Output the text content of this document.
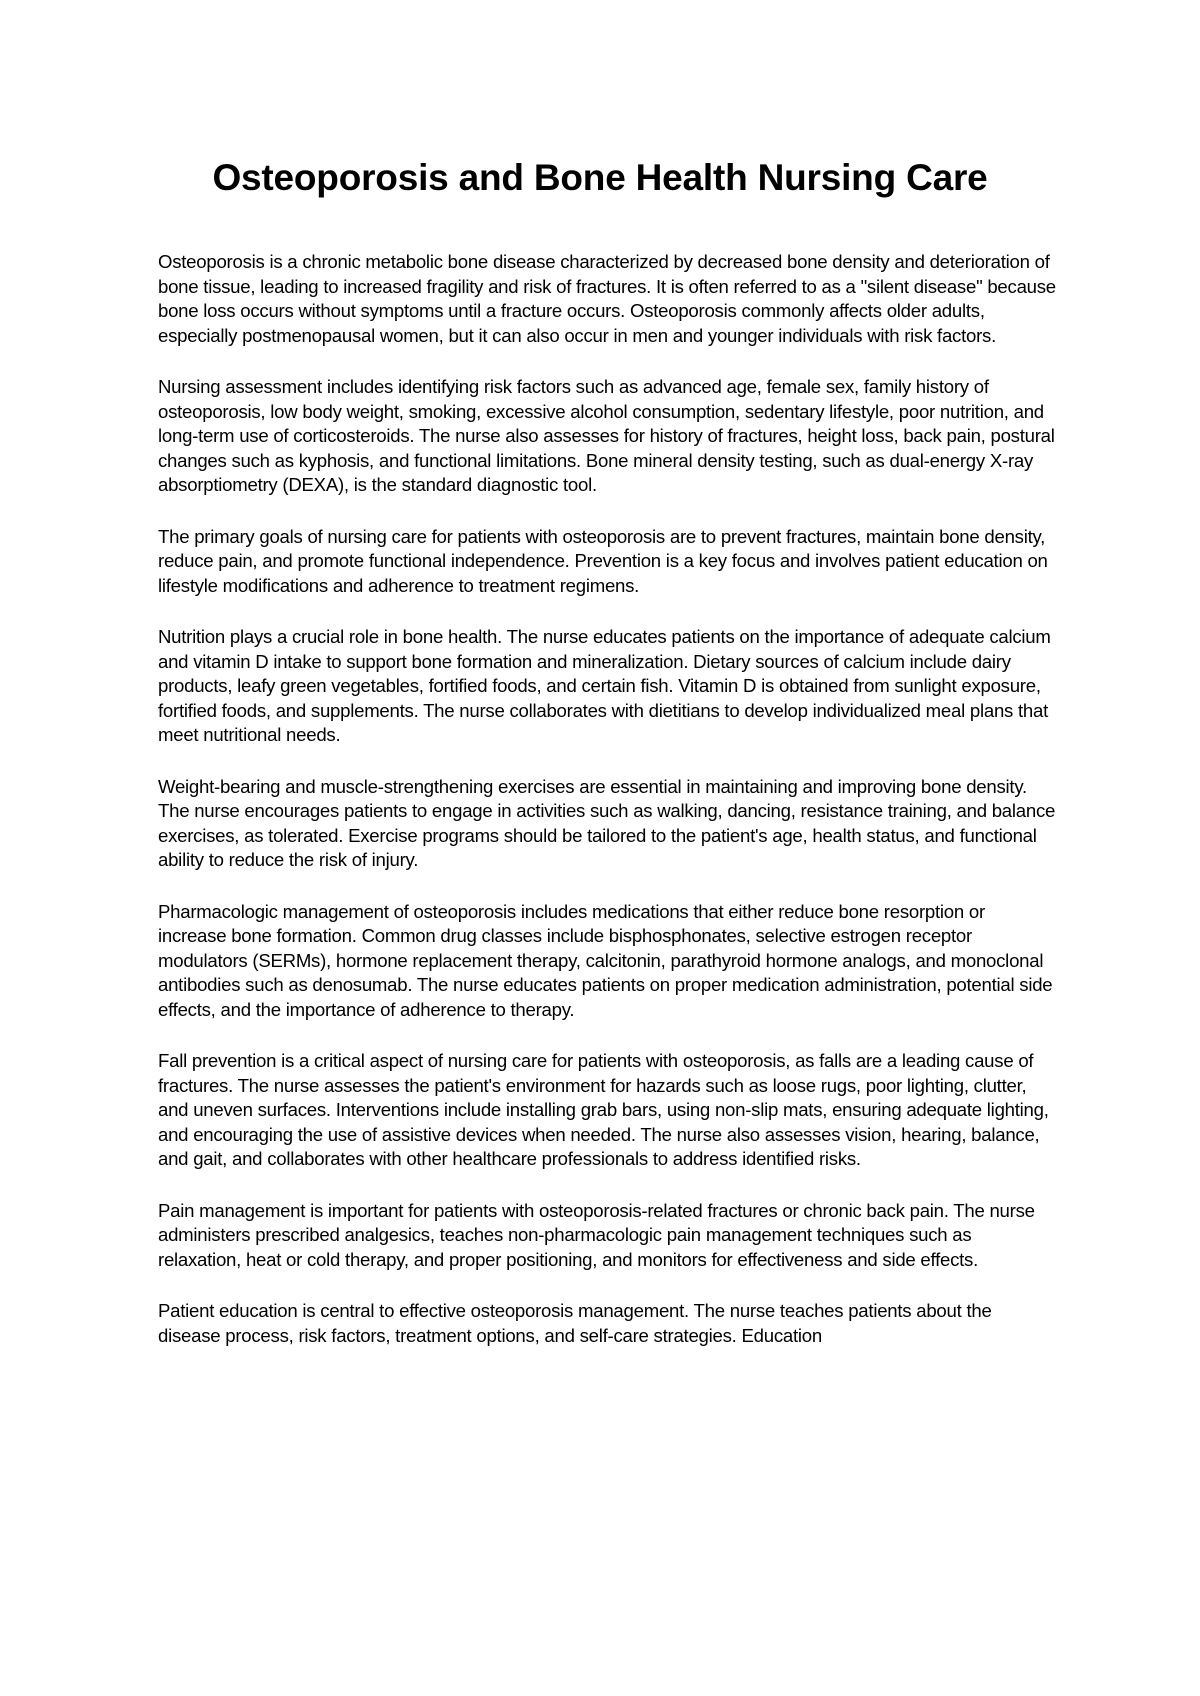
Osteoporosis and Bone Health Nursing Care

Osteoporosis is a chronic metabolic bone disease characterized by decreased bone density and deterioration of bone tissue, leading to increased fragility and risk of fractures. It is often referred to as a "silent disease" because bone loss occurs without symptoms until a fracture occurs. Osteoporosis commonly affects older adults, especially postmenopausal women, but it can also occur in men and younger individuals with risk factors.

Nursing assessment includes identifying risk factors such as advanced age, female sex, family history of osteoporosis, low body weight, smoking, excessive alcohol consumption, sedentary lifestyle, poor nutrition, and long-term use of corticosteroids. The nurse also assesses for history of fractures, height loss, back pain, postural changes such as kyphosis, and functional limitations. Bone mineral density testing, such as dual-energy X-ray absorptiometry (DEXA), is the standard diagnostic tool.

The primary goals of nursing care for patients with osteoporosis are to prevent fractures, maintain bone density, reduce pain, and promote functional independence. Prevention is a key focus and involves patient education on lifestyle modifications and adherence to treatment regimens.

Nutrition plays a crucial role in bone health. The nurse educates patients on the importance of adequate calcium and vitamin D intake to support bone formation and mineralization. Dietary sources of calcium include dairy products, leafy green vegetables, fortified foods, and certain fish. Vitamin D is obtained from sunlight exposure, fortified foods, and supplements. The nurse collaborates with dietitians to develop individualized meal plans that meet nutritional needs.

Weight-bearing and muscle-strengthening exercises are essential in maintaining and improving bone density. The nurse encourages patients to engage in activities such as walking, dancing, resistance training, and balance exercises, as tolerated. Exercise programs should be tailored to the patient's age, health status, and functional ability to reduce the risk of injury.

Pharmacologic management of osteoporosis includes medications that either reduce bone resorption or increase bone formation. Common drug classes include bisphosphonates, selective estrogen receptor modulators (SERMs), hormone replacement therapy, calcitonin, parathyroid hormone analogs, and monoclonal antibodies such as denosumab. The nurse educates patients on proper medication administration, potential side effects, and the importance of adherence to therapy.

Fall prevention is a critical aspect of nursing care for patients with osteoporosis, as falls are a leading cause of fractures. The nurse assesses the patient's environment for hazards such as loose rugs, poor lighting, clutter, and uneven surfaces. Interventions include installing grab bars, using non-slip mats, ensuring adequate lighting, and encouraging the use of assistive devices when needed. The nurse also assesses vision, hearing, balance, and gait, and collaborates with other healthcare professionals to address identified risks.

Pain management is important for patients with osteoporosis-related fractures or chronic back pain. The nurse administers prescribed analgesics, teaches non-pharmacologic pain management techniques such as relaxation, heat or cold therapy, and proper positioning, and monitors for effectiveness and side effects.

Patient education is central to effective osteoporosis management. The nurse teaches patients about the disease process, risk factors, treatment options, and self-care strategies. Education
